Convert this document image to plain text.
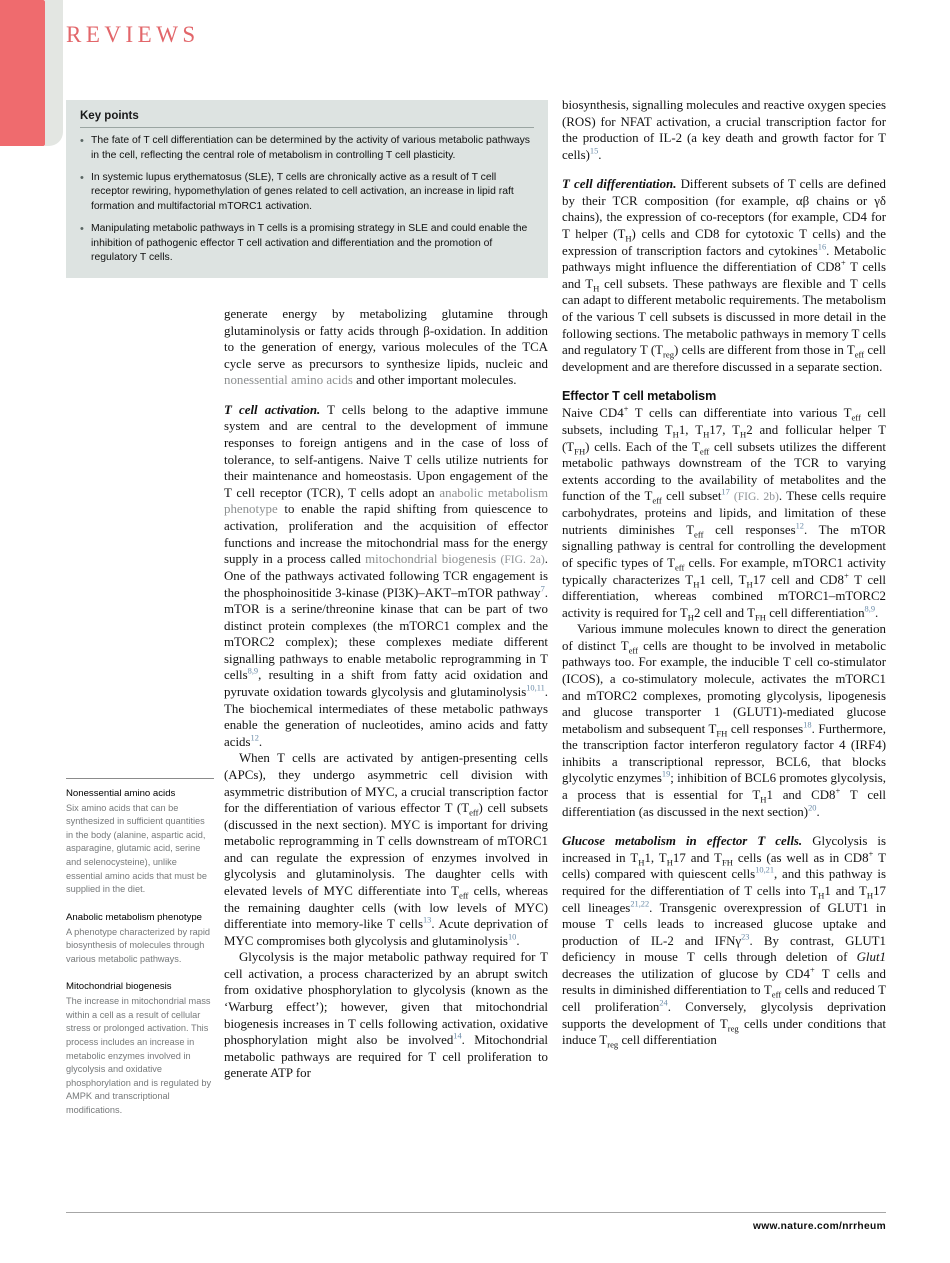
REVIEWS
Key points
• The fate of T cell differentiation can be determined by the activity of various metabolic pathways in the cell, reflecting the central role of metabolism in controlling T cell plasticity.
• In systemic lupus erythematosus (SLE), T cells are chronically active as a result of T cell receptor rewiring, hypomethylation of genes related to cell activation, an increase in lipid raft formation and multifactorial mTORC1 activation.
• Manipulating metabolic pathways in T cells is a promising strategy in SLE and could enable the inhibition of pathogenic effector T cell activation and differentiation and the promotion of regulatory T cells.
Nonessential amino acids
Six amino acids that can be synthesized in sufficient quantities in the body (alanine, aspartic acid, asparagine, glutamic acid, serine and selenocysteine), unlike essential amino acids that must be supplied in the diet.
Anabolic metabolism phenotype
A phenotype characterized by rapid biosynthesis of molecules through various metabolic pathways.
Mitochondrial biogenesis
The increase in mitochondrial mass within a cell as a result of cellular stress or prolonged activation. This process includes an increase in metabolic enzymes involved in glycolysis and oxidative phosphorylation and is regulated by AMPK and transcriptional modifications.

generate energy by metabolizing glutamine through glutaminolysis or fatty acids through β-oxidation. In addition to the generation of energy, various molecules of the TCA cycle serve as precursors to synthesize lipids, nucleic and nonessential amino acids and other important molecules.

T cell activation. T cells belong to the adaptive immune system and are central to the development of immune responses to foreign antigens and in the case of loss of tolerance, to self-antigens. Naive T cells utilize nutrients for their maintenance and homeostasis. Upon engagement of the T cell receptor (TCR), T cells adopt an anabolic metabolism phenotype to enable the rapid shifting from quiescence to activation, proliferation and the acquisition of effector functions and increase the mitochondrial mass for the energy supply in a process called mitochondrial biogenesis (FIG. 2a). One of the pathways activated following TCR engagement is the phosphoinositide 3-kinase (PI3K)–AKT–mTOR pathway$^7$. mTOR is a serine/threonine kinase that can be part of two distinct protein complexes (the mTORC1 complex and the mTORC2 complex); these complexes mediate different signalling pathways to enable metabolic reprogramming in T cells$^{8,9}$, resulting in a shift from fatty acid oxidation and pyruvate oxidation towards glycolysis and glutaminolysis$^{10,11}$. The biochemical intermediates of these metabolic pathways enable the generation of nucleotides, amino acids and fatty acids$^{12}$.

When T cells are activated by antigen-presenting cells (APCs), they undergo asymmetric cell division with asymmetric distribution of MYC, a crucial transcription factor for the differentiation of various effector T $(T_{eff})$ cell subsets (discussed in the next section). MYC is important for driving metabolic reprogramming in T cells downstream of mTORC1 and can regulate the expression of enzymes involved in glycolysis and glutaminolysis. The daughter cells with elevated levels of MYC differentiate into $T_{eff}$ cells, whereas the remaining daughter cells (with low levels of MYC) differentiate into memory-like T cells$^{13}$. Acute deprivation of MYC compromises both glycolysis and glutaminolysis$^{10}$.

Glycolysis is the major metabolic pathway required for T cell activation, a process characterized by an abrupt switch from oxidative phosphorylation to glycolysis (known as the ‘Warburg effect’); however, given that mitochondrial biogenesis increases in T cells following activation, oxidative phosphorylation might also be involved$^{14}$. Mitochondrial metabolic pathways are required for T cell proliferation to generate ATP for

biosynthesis, signalling molecules and reactive oxygen species (ROS) for NFAT activation, a crucial transcription factor for the production of IL-2 (a key death and growth factor for T cells)$^{15}$.

T cell differentiation. Different subsets of T cells are defined by their TCR composition (for example, αβ chains or γδ chains), the expression of co-receptors (for example, CD4 for T helper $(T_H)$ cells and CD8 for cytotoxic T cells) and the expression of transcription factors and cytokines$^{16}$. Metabolic pathways might influence the differentiation of CD8+ T cells and $T_H$ cell subsets. These pathways are flexible and T cells can adapt to different metabolic requirements. The metabolism of the various T cell subsets is discussed in more detail in the following sections. The metabolic pathways in memory T cells and regulatory T $(T_{reg})$ cells are different from those in $T_{eff}$ cell development and are therefore discussed in a separate section.

Effector T cell metabolism

Naive CD4+ T cells can differentiate into various $T_{eff}$ cell subsets, including $T_H1$, $T_H17$, $T_H2$ and follicular helper T $(T_{FH})$ cells. Each of the $T_{eff}$ cell subsets utilizes the different metabolic pathways downstream of the TCR to varying extents according to the availability of metabolites and the function of the $T_{eff}$ cell subset$^{17}$ (FIG. 2b). These cells require carbohydrates, proteins and lipids, and limitation of these nutrients diminishes $T_{eff}$ cell responses$^{12}$. The mTOR signalling pathway is central for controlling the development of specific types of $T_{eff}$ cells. For example, mTORC1 activity typically characterizes $T_H1$ cell, $T_H17$ cell and CD8+ T cell differentiation, whereas combined mTORC1–mTORC2 activity is required for $T_H2$ cell and $T_{FH}$ cell differentiation$^{8,9}$.

Various immune molecules known to direct the generation of distinct $T_{eff}$ cells are thought to be involved in metabolic pathways too. For example, the inducible T cell co-stimulator (ICOS), a co-stimulatory molecule, activates the mTORC1 and mTORC2 complexes, promoting glycolysis, lipogenesis and glucose transporter 1 (GLUT1)-mediated glucose metabolism and subsequent $T_{FH}$ cell responses$^{18}$. Furthermore, the transcription factor interferon regulatory factor 4 (IRF4) inhibits a transcriptional repressor, BCL6, that blocks glycolytic enzymes$^{19}$; inhibition of BCL6 promotes glycolysis, a process that is essential for $T_H1$ and CD8+ T cell differentiation (as discussed in the next section)$^{20}$.

Glucose metabolism in effector T cells. Glycolysis is increased in $T_H1$, $T_H17$ and $T_{FH}$ cells (as well as in CD8+ T cells) compared with quiescent cells$^{10,21}$, and this pathway is required for the differentiation of T cells into $T_H1$ and $T_H17$ cell lineages$^{21,22}$. Transgenic overexpression of GLUT1 in mouse T cells leads to increased glucose uptake and production of IL-2 and IFNγ$^{23}$. By contrast, GLUT1 deficiency in mouse T cells through deletion of Glut1 decreases the utilization of glucose by CD4+ T cells and results in diminished differentiation to $T_{eff}$ cells and reduced T cell proliferation$^{24}$. Conversely, glycolysis deprivation supports the development of $T_{reg}$ cells under conditions that induce $T_{reg}$ cell differentiation

www.nature.com/nrrheum
